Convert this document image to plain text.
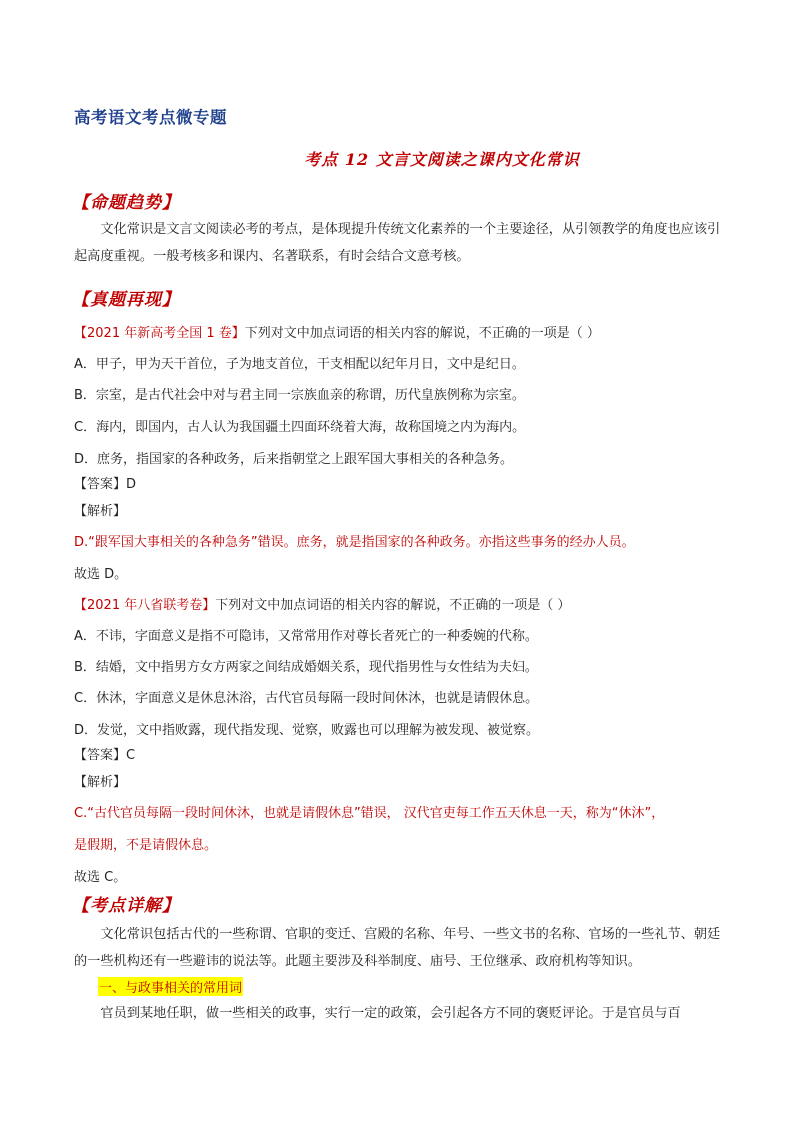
高考语文考点微专题
考点 12 文言文阅读之课内文化常识
【命题趋势】
文化常识是文言文阅读必考的考点，是体现提升传统文化素养的一个主要途径，从引领教学的角度也应该引起高度重视。一般考核多和课内、名著联系，有时会结合文意考核。
【真题再现】
【2021 年新高考全国 1 卷】下列对文中加点词语的相关内容的解说，不正确的一项是（ ）
A．甲子，甲为天干首位，子为地支首位，干支相配以纪年月日，文中是纪日。
B．宗室，是古代社会中对与君主同一宗族血亲的称谓，历代皇族例称为宗室。
C．海内，即国内，古人认为我国疆土四面环绕着大海，故称国境之内为海内。
D．庶务，指国家的各种政务，后来指朝堂之上跟军国大事相关的各种急务。
【答案】D
【解析】
D.“跟军国大事相关的各种急务”错误。庶务，就是指国家的各种政务。亦指这些事务的经办人员。
故选 D。
【2021 年八省联考卷】下列对文中加点词语的相关内容的解说，不正确的一项是（ ）
A．不讳，字面意义是指不可隐讳，又常常用作对尊长者死亡的一种委婉的代称。
B．结婚，文中指男方女方两家之间结成婚姻关系，现代指男性与女性结为夫妇。
C．休沐，字面意义是休息沐浴，古代官员每隔一段时间休沐，也就是请假休息。
D．发觉，文中指败露，现代指发现、觉察，败露也可以理解为被发现、被觉察。
【答案】C
【解析】
C.“古代官员每隔一段时间休沐，也就是请假休息”错误， 汉代官吏每工作五天休息一天，称为“休沐”，
是假期，不是请假休息。
故选 C。
【考点详解】
文化常识包括古代的一些称谓、官职的变迁、宫殿的名称、年号、一些文书的名称、官场的一些礼节、朝廷的一些机构还有一些避讳的说法等。此题主要涉及科举制度、庙号、王位继承、政府机构等知识。
一、与政事相关的常用词
官员到某地任职，做一些相关的政事，实行一定的政策，会引起各方不同的褒贬评论。于是官员与百
